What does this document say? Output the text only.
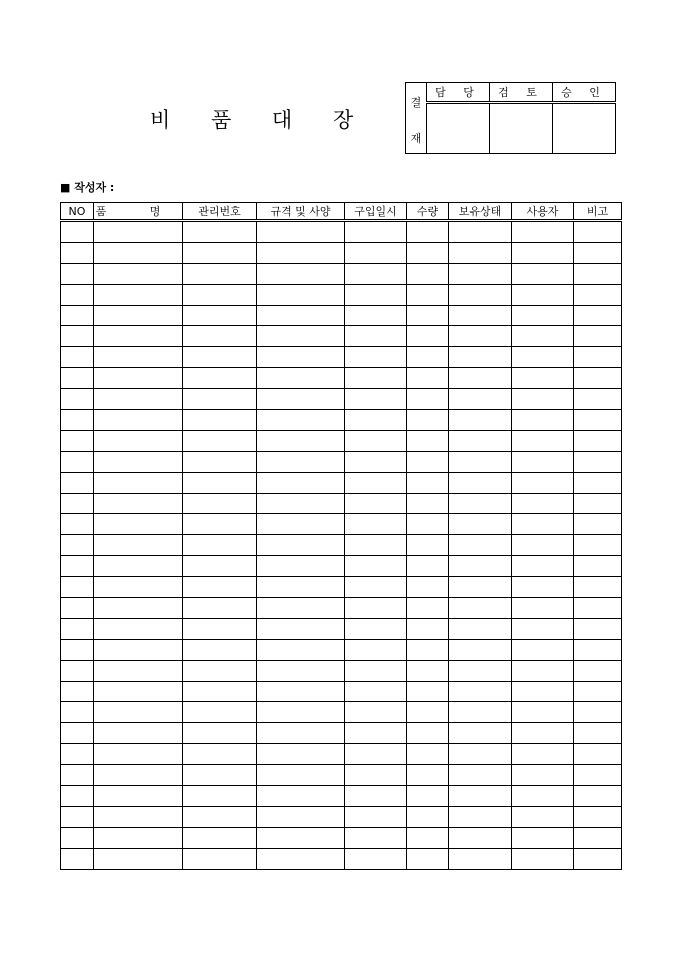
비 품 대 장
결
재	담 당	검 토	승 인

■ 작성자 :
NO	품 명	관리번호	규격 및 사양	구입일시	수량	보유상태	사용자	비고
